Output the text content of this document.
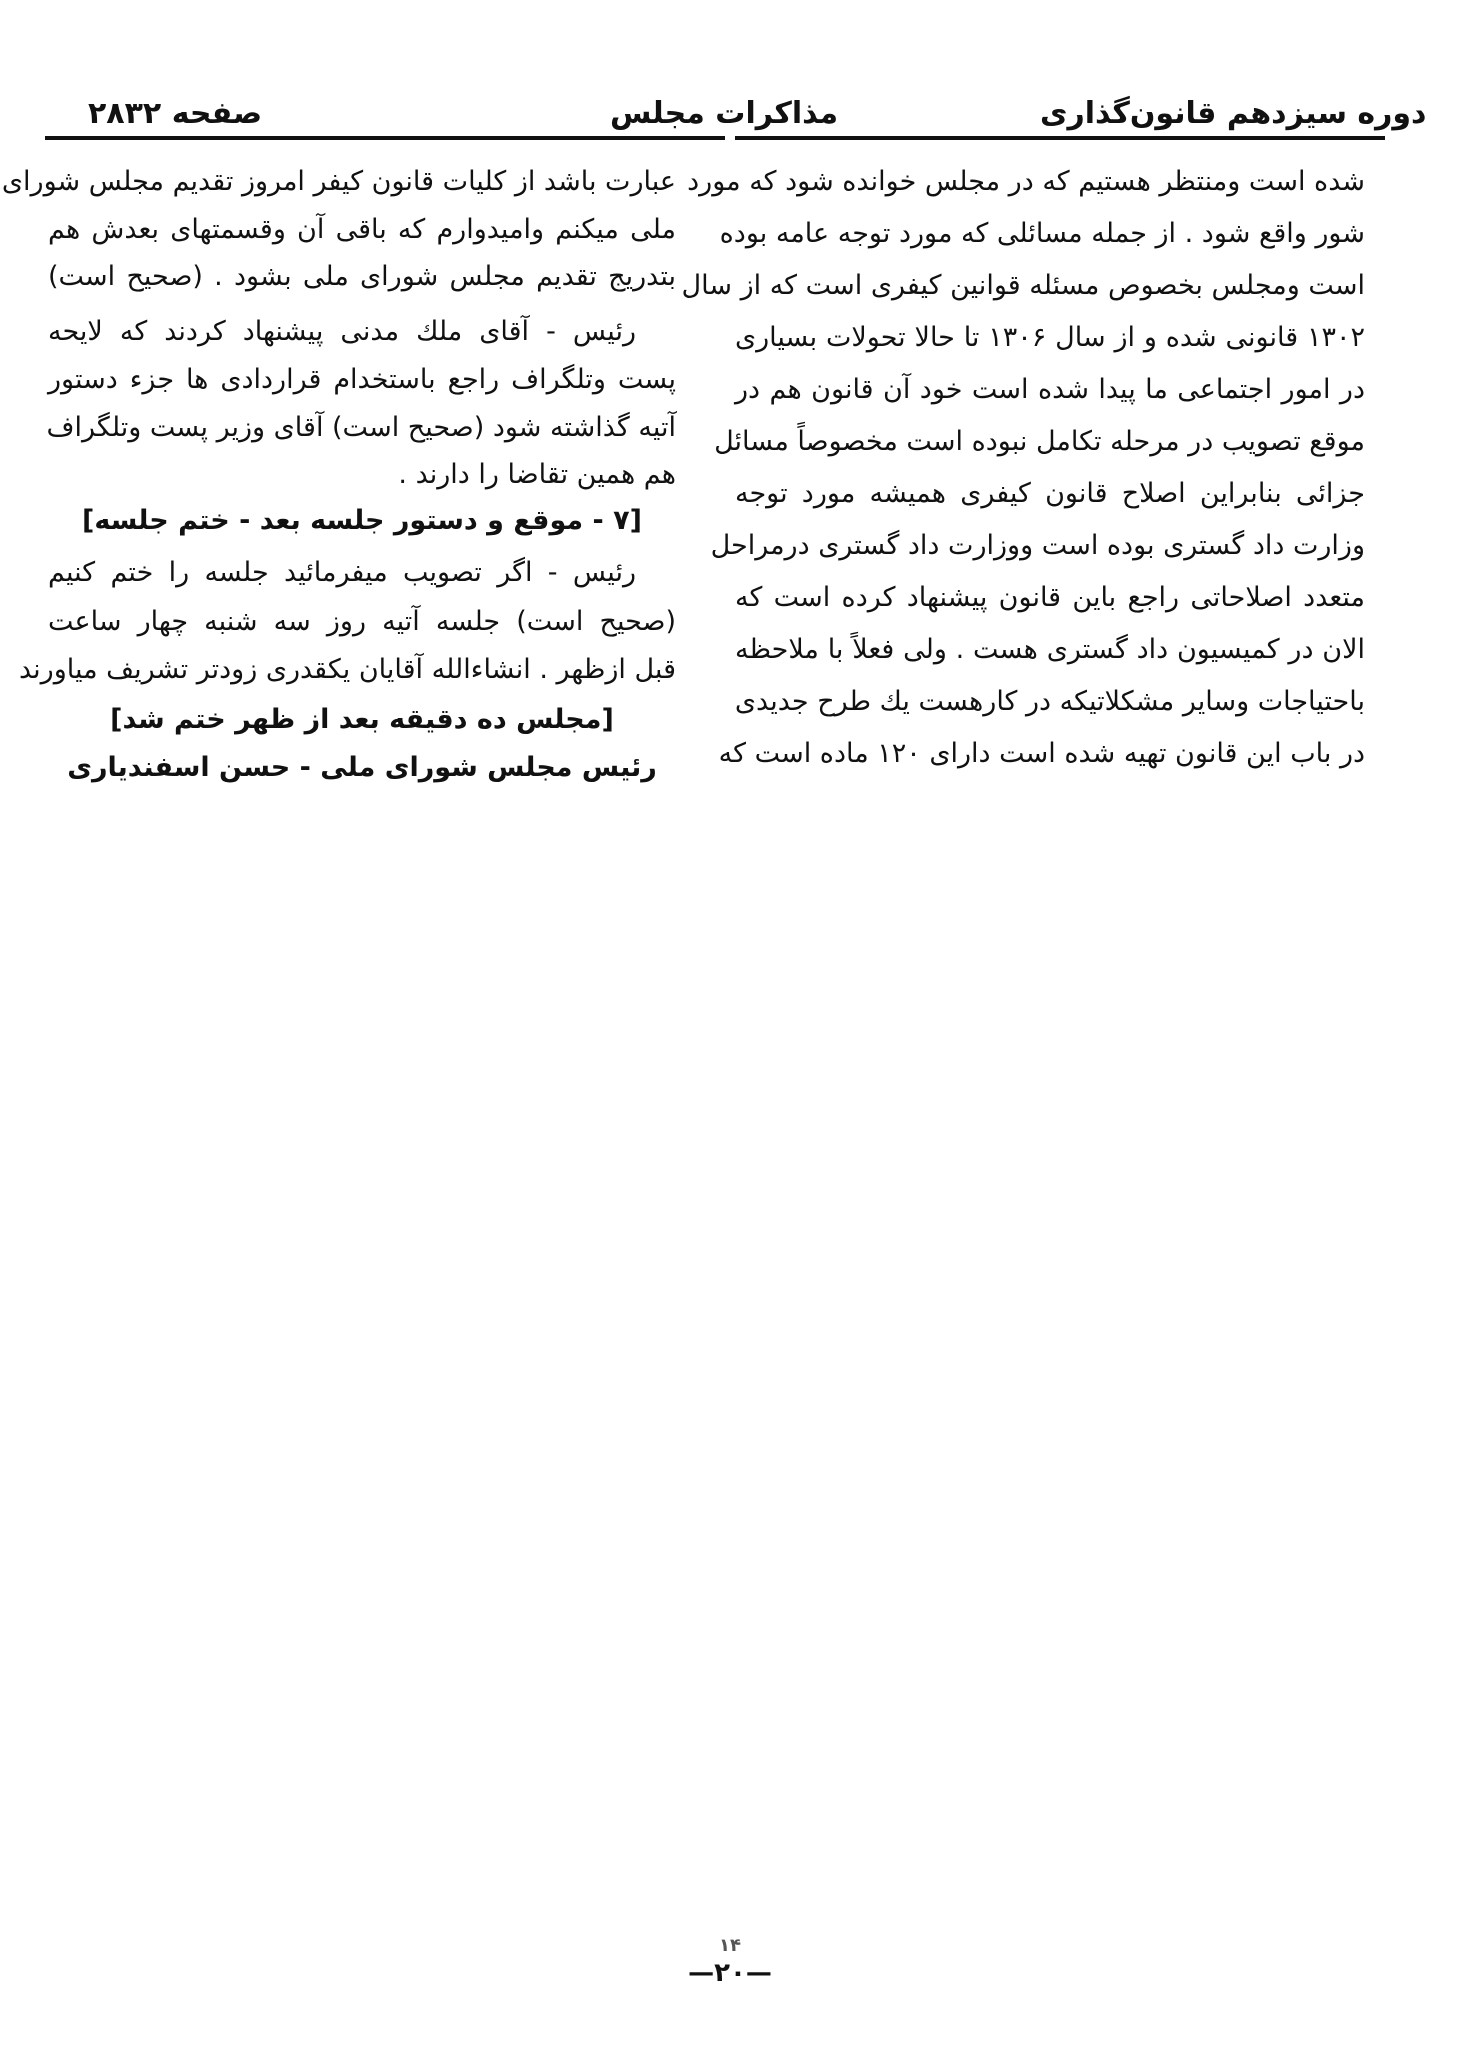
صفحه ۲۸۳۲	مذاکرات مجلس	دوره سیزدهم قانون‌گذاری
شده است ومنتظر هستیم که در مجلس خوانده شود که مورد
شور واقع شود . از جمله مسائلی که مورد توجه عامه بوده
است ومجلس بخصوص مسئله قوانین کیفری است که از سال
۱۳۰۲ قانونی شده و از سال ۱۳۰۶ تا حالا تحولات بسیاری
در امور اجتماعی ما پیدا شده است خود آن قانون هم در
موقع تصویب در مرحله تکامل نبوده است مخصوصاً مسائل
جزائی بنابراین اصلاح قانون کیفری همیشه مورد توجه
وزارت داد گستری بوده است ووزارت داد گستری درمراحل
متعدد اصلاحاتی راجع باین قانون پیشنهاد کرده است که
الان در کمیسیون داد گستری هست . ولی فعلاً با ملاحظه
باحتیاجات وسایر مشکلاتیکه در کارهست یك طرح جدیدی
در باب این قانون تهیه شده است دارای ۱۲۰ ماده است که
عبارت باشد از کلیات قانون کیفر امروز تقدیم مجلس شورای
ملی میکنم وامیدوارم که باقی آن وقسمتهای بعدش هم
بتدریج تقدیم مجلس شورای ملی بشود . (صحیح است)
رئیس - آقای ملك مدنی پیشنهاد کردند که لایحه
پست وتلگراف راجع باستخدام قراردادی ها جزء دستور
آتیه گذاشته شود (صحیح است) آقای وزیر پست وتلگراف
هم همین تقاضا را دارند .
[۷ - موقع و دستور جلسه بعد - ختم جلسه]
رئیس - اگر تصویب میفرمائید جلسه را ختم کنیم
(صحیح است) جلسه آتیه روز سه شنبه چهار ساعت
قبل ازظهر . انشاءالله آقایان یکقدری زودتر تشریف میاورند
[مجلس ده دقیقه بعد از ظهر ختم شد]
رئیس مجلس شورای ملی - حسن اسفندیاری
۱۴
—۲۰—
